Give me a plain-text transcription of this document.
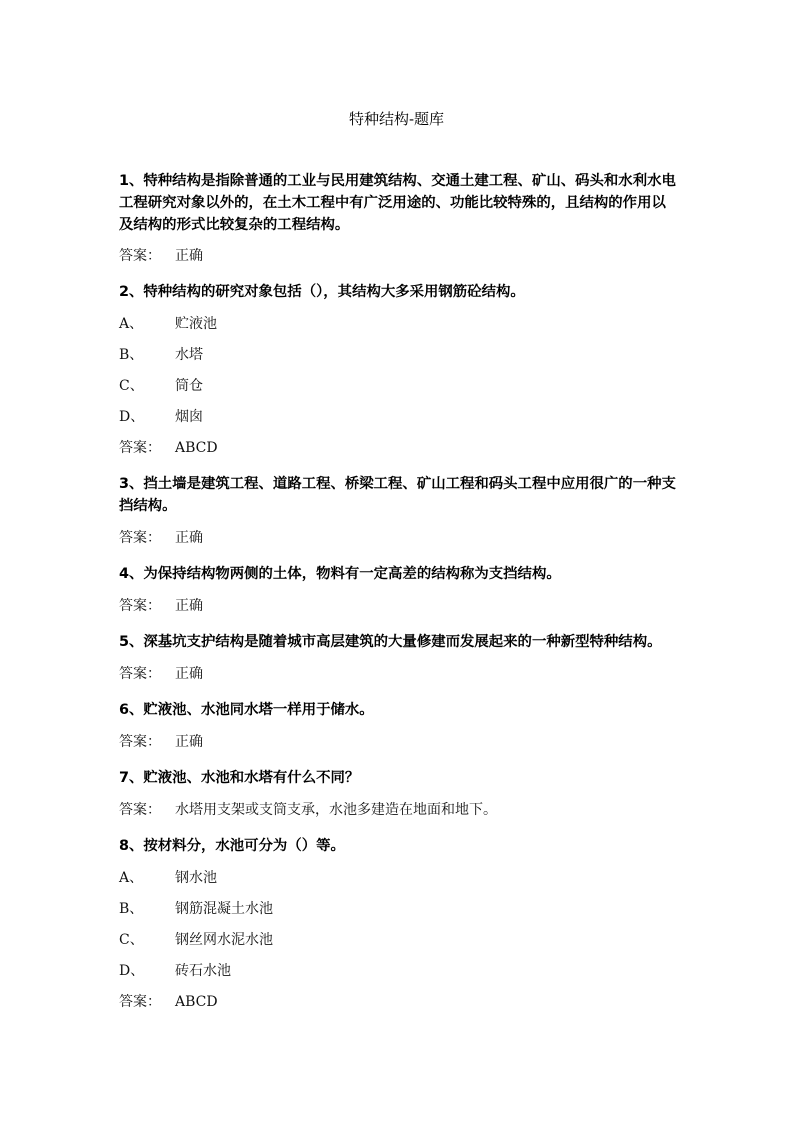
特种结构-题库

1、特种结构是指除普通的工业与民用建筑结构、交通土建工程、矿山、码头和水利水电工程研究对象以外的，在土木工程中有广泛用途的、功能比较特殊的，且结构的作用以及结构的形式比较复杂的工程结构。

答案： 正确

2、特种结构的研究对象包括（），其结构大多采用钢筋砼结构。

A、 贮液池

B、 水塔

C、 筒仓

D、 烟囱

答案： ABCD

3、挡土墙是建筑工程、道路工程、桥梁工程、矿山工程和码头工程中应用很广的一种支挡结构。

答案： 正确

4、为保持结构物两侧的土体，物料有一定高差的结构称为支挡结构。

答案： 正确

5、深基坑支护结构是随着城市高层建筑的大量修建而发展起来的一种新型特种结构。

答案： 正确

6、贮液池、水池同水塔一样用于储水。

答案： 正确

7、贮液池、水池和水塔有什么不同？

答案： 水塔用支架或支筒支承，水池多建造在地面和地下。

8、按材料分，水池可分为（）等。

A、 钢水池

B、 钢筋混凝土水池

C、 钢丝网水泥水池

D、 砖石水池

答案： ABCD
